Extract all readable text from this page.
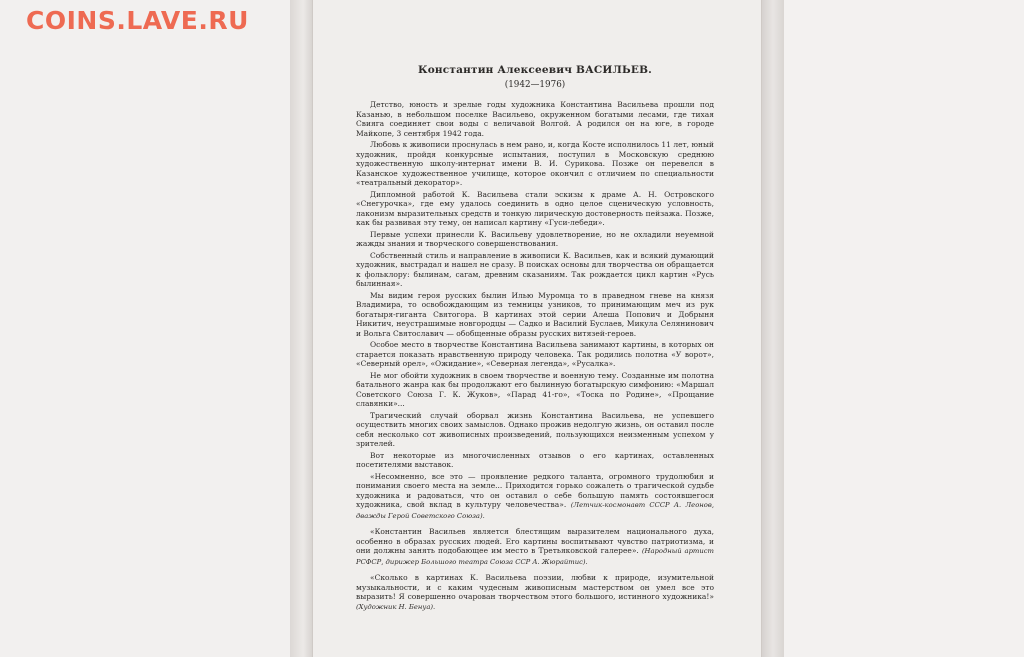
COINS.LAVE.RU
Константин Алексеевич ВАСИЛЬЕВ.
(1942—1976)

Детство, юность и зрелые годы художника Константина Васильева прошли под Казанью, в небольшом поселке Васильево, окруженном богатыми лесами, где тихая Свияга соединяет свои воды с величавой Волгой. А родился он на юге, в городе Майкопе, 3 сентября 1942 года.

Любовь к живописи проснулась в нем рано, и, когда Косте исполнилось 11 лет, юный художник, пройдя конкурсные испытания, поступил в Московскую среднюю художественную школу-интернат имени В. И. Сурикова. Позже он перевелся в Казанское художественное училище, которое окончил с отличием по специальности «театральный декоратор».

Дипломной работой К. Васильева стали эскизы к драме А. Н. Островского «Снегурочка», где ему удалось соединить в одно целое сценическую условность, лаконизм выразительных средств и тонкую лирическую достоверность пейзажа. Позже, как бы развивая эту тему, он написал картину «Гуси-лебеди».

Первые успехи принесли К. Васильеву удовлетворение, но не охладили неуемной жажды знания и творческого совершенствования.

Собственный стиль и направление в живописи К. Васильев, как и всякий думающий художник, выстрадал и нашел не сразу. В поисках основы для творчества он обращается к фольклору: былинам, сагам, древним сказаниям. Так рождается цикл картин «Русь былинная».

Мы видим героя русских былин Илью Муромца то в праведном гневе на князя Владимира, то освобождающим из темницы узников, то принимающим меч из рук богатыря-гиганта Святогора. В картинах этой серии Алеша Попович и Добрыня Никитич, неустрашимые новгородцы — Садко и Василий Буслаев, Микула Селянинович и Вольга Святославич — обобщенные образы русских витязей-героев.

Особое место в творчестве Константина Васильева занимают картины, в которых он старается показать нравственную природу человека. Так родились полотна «У ворот», «Северный орел», «Ожидание», «Северная легенда», «Русалка».

Не мог обойти художник в своем творчестве и военную тему. Созданные им полотна батального жанра как бы продолжают его былинную богатырскую симфонию: «Маршал Советского Союза Г. К. Жуков», «Парад 41-го», «Тоска по Родине», «Прощание славянки»...

Трагический случай оборвал жизнь Константина Васильева, не успевшего осуществить многих своих замыслов. Однако прожив недолгую жизнь, он оставил после себя несколько сот живописных произведений, пользующихся неизменным успехом у зрителей.

Вот некоторые из многочисленных отзывов о его картинах, оставленных посетителями выставок.

«Несомненно, все это — проявление редкого таланта, огромного трудолюбия и понимания своего места на земле... Приходится горько сожалеть о трагической судьбе художника и радоваться, что он оставил о себе большую память состоявшегося художника, свой вклад в культуру человечества». (Летчик-космонавт СССР А. Леонов, дважды Герой Советского Союза).

«Константин Васильев является блестящим выразителем национального духа, особенно в образах русских людей. Его картины воспитывают чувство патриотизма, и они должны занять подобающее им место в Третьяковской галерее». (Народный артист РСФСР, дирижер Большого театра Союза ССР А. Жюрайтис).

«Сколько в картинах К. Васильева поэзии, любви к природе, изумительной музыкальности, и с каким чудесным живописным мастерством он умел все это выразить! Я совершенно очарован творчеством этого большого, истинного художника!» (Художник Н. Бенуа).
